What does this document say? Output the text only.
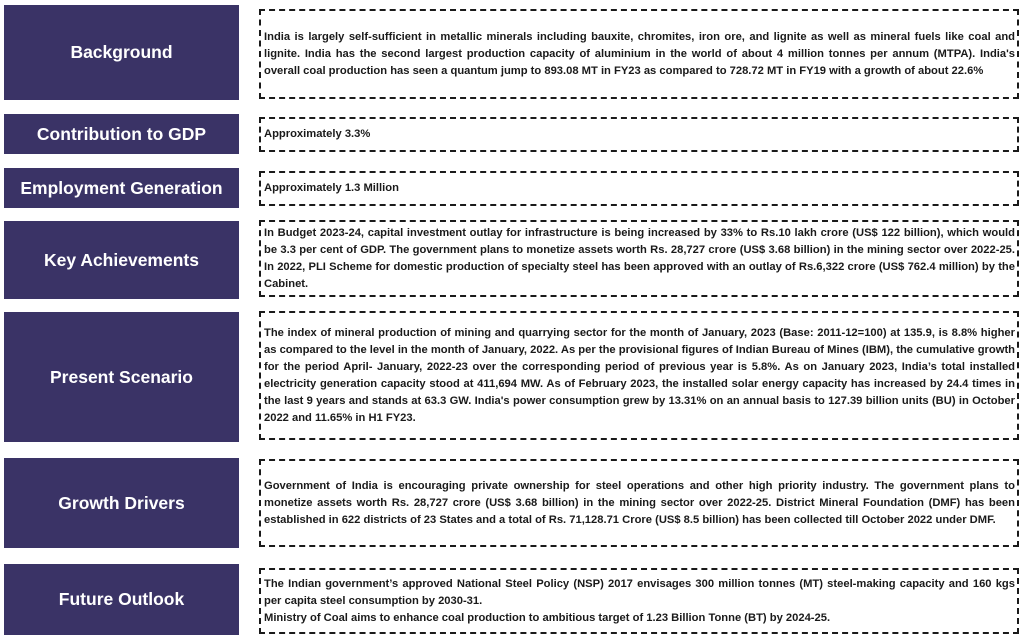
Background

India is largely self-sufficient in metallic minerals including bauxite, chromites, iron ore, and lignite as well as mineral fuels like coal and lignite. India has the second largest production capacity of aluminium in the world of about 4 million tonnes per annum (MTPA). India's overall coal production has seen a quantum jump to 893.08 MT in FY23 as compared to 728.72 MT in FY19 with a growth of about 22.6%

Contribution to GDP	Approximately 3.3%

Employment Generation	Approximately 1.3 Million

Key Achievements

In Budget 2023-24, capital investment outlay for infrastructure is being increased by 33% to Rs.10 lakh crore (US$ 122 billion), which would be 3.3 per cent of GDP. The government plans to monetize assets worth Rs. 28,727 crore (US$ 3.68 billion) in the mining sector over 2022-25. In 2022, PLI Scheme for domestic production of specialty steel has been approved with an outlay of Rs.6,322 crore (US$ 762.4 million) by the Cabinet.

Present Scenario

The index of mineral production of mining and quarrying sector for the month of January, 2023 (Base: 2011-12=100) at 135.9, is 8.8% higher as compared to the level in the month of January, 2022. As per the provisional figures of Indian Bureau of Mines (IBM), the cumulative growth for the period April- January, 2022-23 over the corresponding period of previous year is 5.8%. As on January 2023, India’s total installed electricity generation capacity stood at 411,694 MW. As of February 2023, the installed solar energy capacity has increased by 24.4 times in the last 9 years and stands at 63.3 GW. India's power consumption grew by 13.31% on an annual basis to 127.39 billion units (BU) in October 2022 and 11.65% in H1 FY23.

Growth Drivers

Government of India is encouraging private ownership for steel operations and other high priority industry. The government plans to monetize assets worth Rs. 28,727 crore (US$ 3.68 billion) in the mining sector over 2022-25. District Mineral Foundation (DMF) has been established in 622 districts of 23 States and a total of Rs. 71,128.71 Crore (US$ 8.5 billion) has been collected till October 2022 under DMF.

Future Outlook

The Indian government’s approved National Steel Policy (NSP) 2017 envisages 300 million tonnes (MT) steel-making capacity and 160 kgs per capita steel consumption by 2030-31.

Ministry of Coal aims to enhance coal production to ambitious target of 1.23 Billion Tonne (BT) by 2024-25.
